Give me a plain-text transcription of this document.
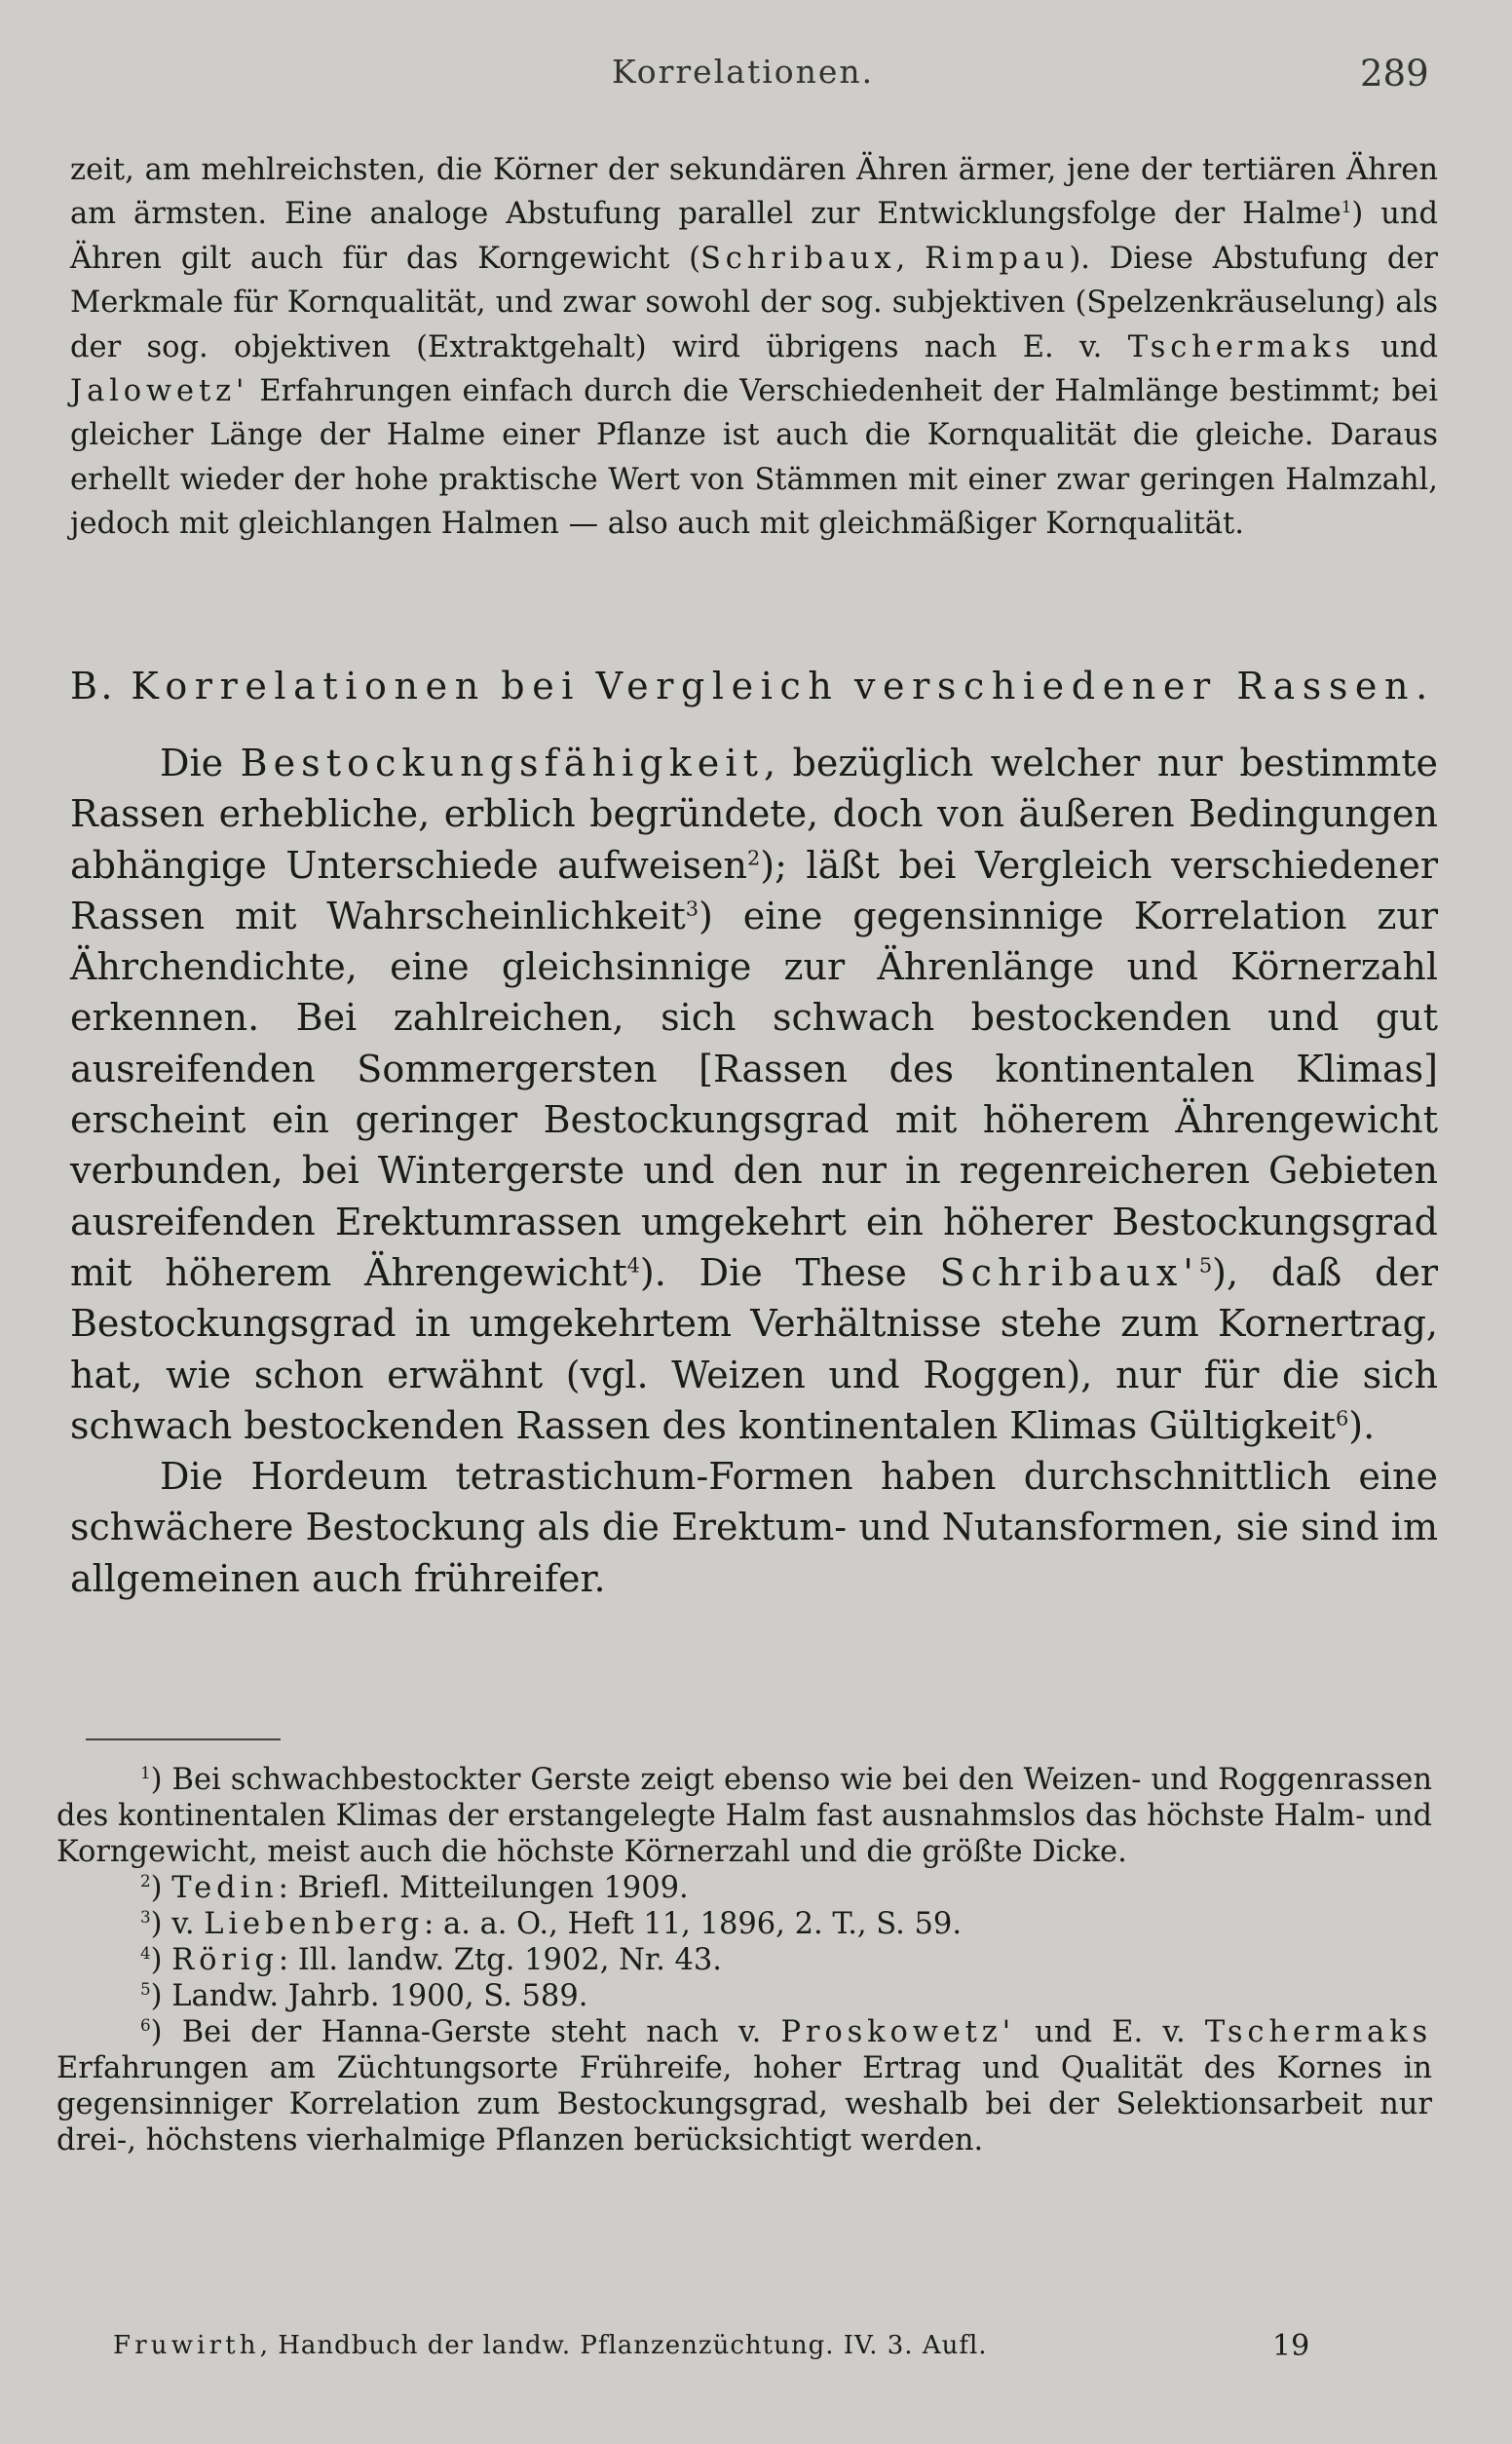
Korrelationen.	289

zeit, am mehlreichsten, die Körner der sekundären Ähren ärmer, jene der tertiären Ähren am ärmsten. Eine analoge Abstufung parallel zur Entwicklungsfolge der Halme$^1$) und Ähren gilt auch für das Korngewicht (Schribaux, Rimpau). Diese Abstufung der Merkmale für Kornqualität, und zwar sowohl der sog. subjektiven (Spelzenkräuselung) als der sog. objektiven (Extraktgehalt) wird übrigens nach E. v. Tschermaks und Jalowetz' Erfahrungen einfach durch die Verschiedenheit der Halmlänge bestimmt; bei gleicher Länge der Halme einer Pflanze ist auch die Kornqualität die gleiche. Daraus erhellt wieder der hohe praktische Wert von Stämmen mit einer zwar geringen Halmzahl, jedoch mit gleichlangen Halmen — also auch mit gleichmäßiger Kornqualität.

B. Korrelationen bei Vergleich verschiedener Rassen.

Die Bestockungsfähigkeit, bezüglich welcher nur bestimmte Rassen erhebliche, erblich begründete, doch von äußeren Bedingungen abhängige Unterschiede aufweisen$^2$); läßt bei Vergleich verschiedener Rassen mit Wahrscheinlichkeit$^3$) eine gegensinnige Korrelation zur Ährchendichte, eine gleichsinnige zur Ährenlänge und Körnerzahl erkennen. Bei zahlreichen, sich schwach bestockenden und gut ausreifenden Sommergersten [Rassen des kontinentalen Klimas] erscheint ein geringer Bestockungsgrad mit höherem Ährengewicht verbunden, bei Wintergerste und den nur in regenreicheren Gebieten ausreifenden Erektumrassen umgekehrt ein höherer Bestockungsgrad mit höherem Ährengewicht$^4$). Die These $Schribaux'^5$), daß der Bestockungsgrad in umgekehrtem Verhältnisse stehe zum Kornertrag, hat, wie schon erwähnt (vgl. Weizen und Roggen), nur für die sich schwach bestockenden Rassen des kontinentalen Klimas Gültigkeit$^6$).

Die Hordeum tetrastichum-Formen haben durchschnittlich eine schwächere Bestockung als die Erektum- und Nutansformen, sie sind im allgemeinen auch frühreifer.

$^1$) Bei schwachbestockter Gerste zeigt ebenso wie bei den Weizen- und Roggenrassen des kontinentalen Klimas der erstangelegte Halm fast ausnahmslos das höchste Halm- und Korngewicht, meist auch die höchste Körnerzahl und die größte Dicke.

$^2$) Tedin: Briefl. Mitteilungen 1909.

$^3$) v. Liebenberg: a. a. O., Heft 11, 1896, 2. T., S. 59.

$^4$) Rörig: Ill. landw. Ztg. 1902, Nr. 43.

$^5$) Landw. Jahrb. 1900, S. 589.

$^6$) Bei der Hanna-Gerste steht nach v. Proskowetz' und E. v. Tschermaks Erfahrungen am Züchtungsorte Frühreife, hoher Ertrag und Qualität des Kornes in gegensinniger Korrelation zum Bestockungsgrad, weshalb bei der Selektionsarbeit nur drei-, höchstens vierhalmige Pflanzen berücksichtigt werden.

Fruwirth, Handbuch der landw. Pflanzenzüchtung. IV. 3. Aufl.	19
